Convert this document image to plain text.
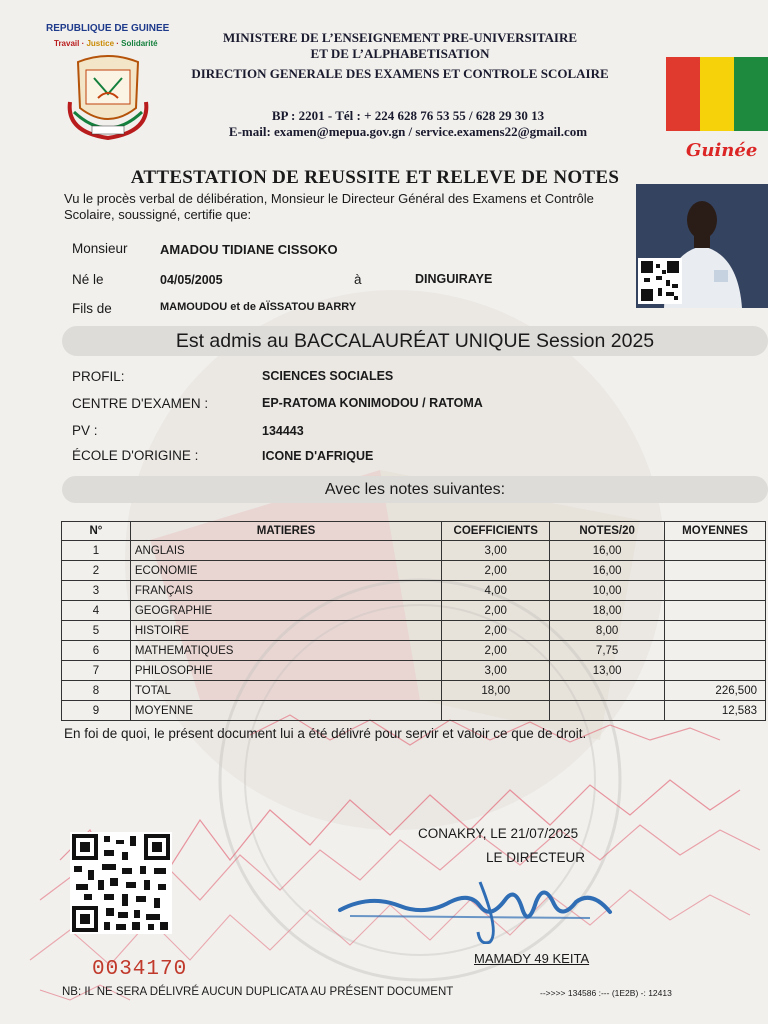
REPUBLIQUE DE GUINEE
Travail · Justice · Solidarité	MINISTERE DE L’ENSEIGNEMENT PRE-UNIVERSITAIRE
ET DE L’ALPHABETISATION
DIRECTION GENERALE DES EXAMENS ET CONTROLE SCOLAIRE
BP : 2201 - Tél : + 224 628 76 53 55 / 628 29 30 13
E-mail: examen@mepua.gov.gn / service.examens22@gmail.com
Guinée
ATTESTATION DE REUSSITE ET RELEVE DE NOTES
Vu le procès verbal de délibération, Monsieur le Directeur Général des Examens et Contrôle Scolaire, soussigné, certifie que:
Monsieur AMADOU TIDIANE CISSOKO
Né le	04/05/2005	à	DINGUIRAYE
Fils de	MAMOUDOU et de AÏSSATOU BARRY
Est admis au BACCALAURÉAT UNIQUE Session 2025
PROFIL:	SCIENCES SOCIALES
CENTRE D'EXAMEN :	EP-RATOMA KONIMODOU / RATOMA
PV :	134443
ÉCOLE D'ORIGINE :	ICONE D'AFRIQUE
Avec les notes suivantes:
N°	MATIERES	COEFFICIENTS	NOTES/20	MOYENNES
1	ANGLAIS	3,00	16,00	
2	ECONOMIE	2,00	16,00	
3	FRANÇAIS	4,00	10,00	
4	GEOGRAPHIE	2,00	18,00	
5	HISTOIRE	2,00	8,00	
6	MATHEMATIQUES	2,00	7,75	
7	PHILOSOPHIE	3,00	13,00	
8	TOTAL	18,00		226,500
9	MOYENNE			12,583
En foi de quoi, le présent document lui a été délivré pour servir et valoir ce que de droit.
CONAKRY, LE 21/07/2025
LE DIRECTEUR
MAMADY 49 KEITA
0034170
NB: IL NE SERA DÉLIVRÉ AUCUN DUPLICATA AU PRÉSENT DOCUMENT	-->>>> 134586 :--- (1E2B) -: 12413
